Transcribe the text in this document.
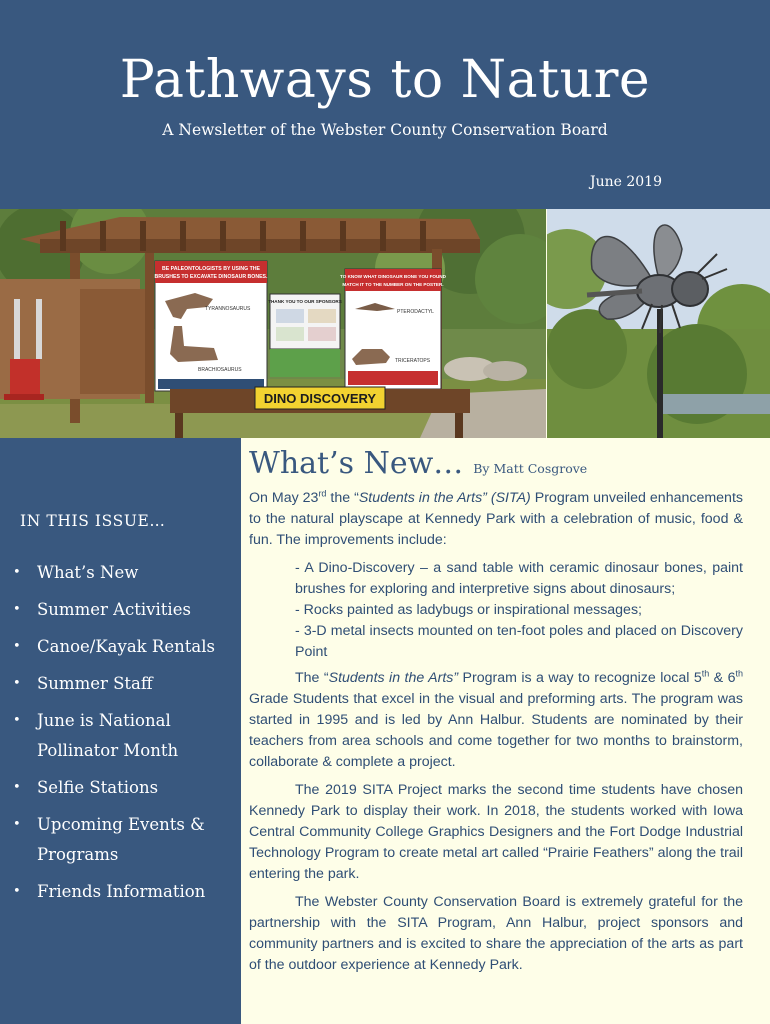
Pathways to Nature
A Newsletter of the Webster County Conservation Board
June 2019
BE PALEONTOLOGISTS BY USING THE
BRUSHES TO EXCAVATE DINOSAUR BONES.
TYRANNOSAURUS
BRACHIOSAURUS
THANK YOU TO OUR SPONSORS
TO KNOW WHAT DINOSAUR BONE YOU FOUND
MATCH IT TO THE NUMBER ON THE POSTER.
PTERODACTYL
TRICERATOPS
DINO DISCOVERY
IN THIS ISSUE…
• What’s New
• Summer Activities
• Canoe/Kayak Rentals
• Summer Staff
• June is National Pollinator Month
• Selfie Stations
• Upcoming Events & Programs
• Friends Information
What’s New… By Matt Cosgrove

On May 23rd the “Students in the Arts” (SITA) Program unveiled enhancements to the natural playscape at Kennedy Park with a celebration of music, food & fun. The improvements include:

- A Dino-Discovery – a sand table with ceramic dinosaur bones, paint brushes for exploring and interpretive signs about dinosaurs;

- Rocks painted as ladybugs or inspirational messages;

- 3-D metal insects mounted on ten-foot poles and placed on Discovery Point

The “Students in the Arts” Program is a way to recognize local 5th & 6th Grade Students that excel in the visual and preforming arts. The program was started in 1995 and is led by Ann Halbur. Students are nominated by their teachers from area schools and come together for two months to brainstorm, collaborate & complete a project.

The 2019 SITA Project marks the second time students have chosen Kennedy Park to display their work. In 2018, the students worked with Iowa Central Community College Graphics Designers and the Fort Dodge Industrial Technology Program to create metal art called “Prairie Feathers” along the trail entering the park.

The Webster County Conservation Board is extremely grateful for the partnership with the SITA Program, Ann Halbur, project sponsors and community partners and is excited to share the appreciation of the arts as part of the outdoor experience at Kennedy Park.
